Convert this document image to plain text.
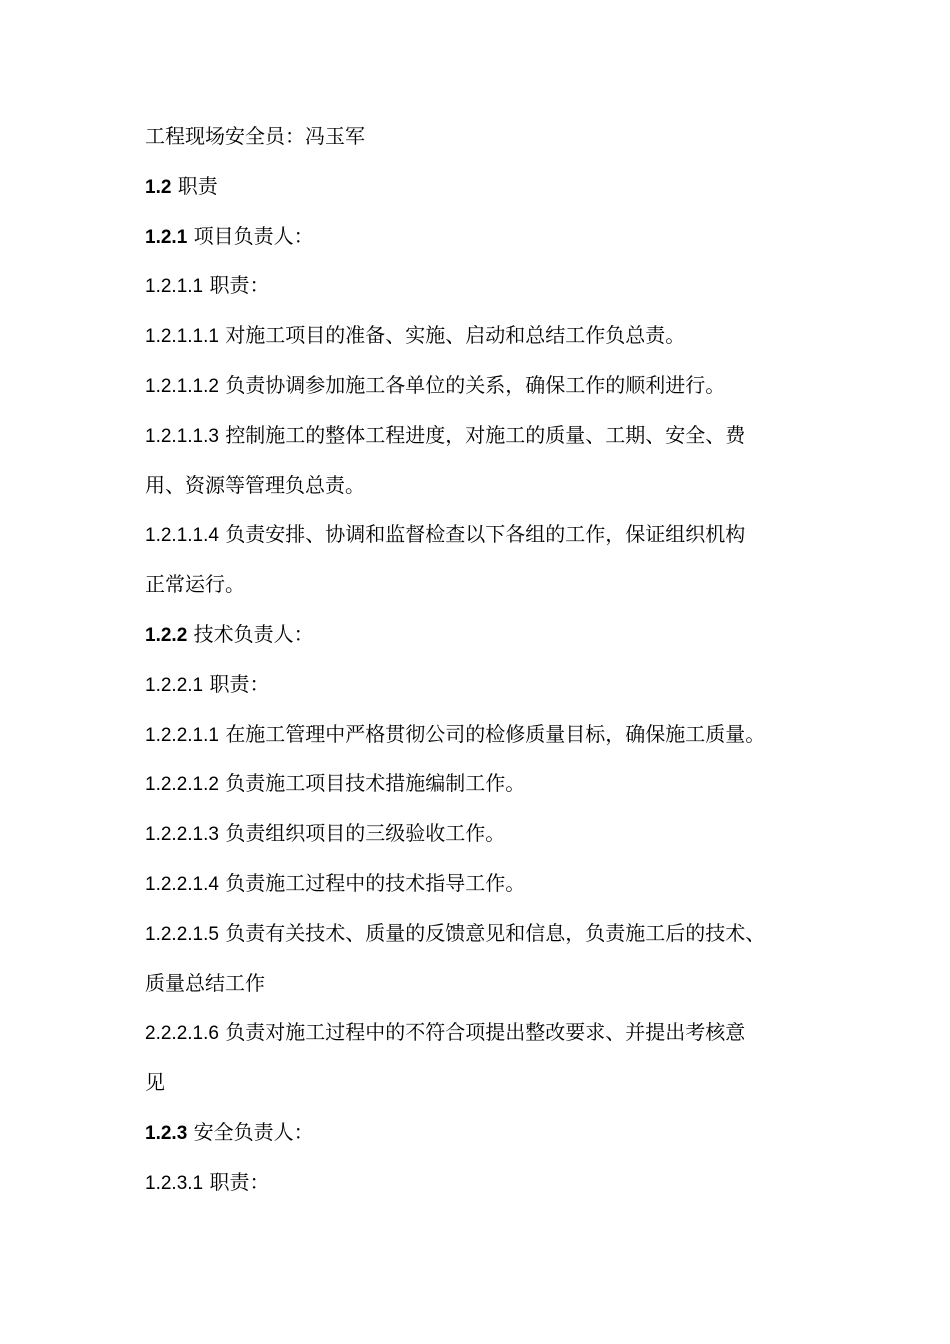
工程现场安全员：冯玉军
1.2 职责
1.2.1 项目负责人：
1.2.1.1 职责：
1.2.1.1.1 对施工项目的准备、实施、启动和总结工作负总责。
1.2.1.1.2 负责协调参加施工各单位的关系，确保工作的顺利进行。
1.2.1.1.3 控制施工的整体工程进度，对施工的质量、工期、安全、费
用、资源等管理负总责。
1.2.1.1.4 负责安排、协调和监督检查以下各组的工作，保证组织机构
正常运行。
1.2.2 技术负责人：
1.2.2.1 职责：
1.2.2.1.1 在施工管理中严格贯彻公司的检修质量目标，确保施工质量。
1.2.2.1.2 负责施工项目技术措施编制工作。
1.2.2.1.3 负责组织项目的三级验收工作。
1.2.2.1.4 负责施工过程中的技术指导工作。
1.2.2.1.5 负责有关技术、质量的反馈意见和信息，负责施工后的技术、
质量总结工作
2.2.2.1.6 负责对施工过程中的不符合项提出整改要求、并提出考核意
见
1.2.3 安全负责人：
1.2.3.1 职责：
